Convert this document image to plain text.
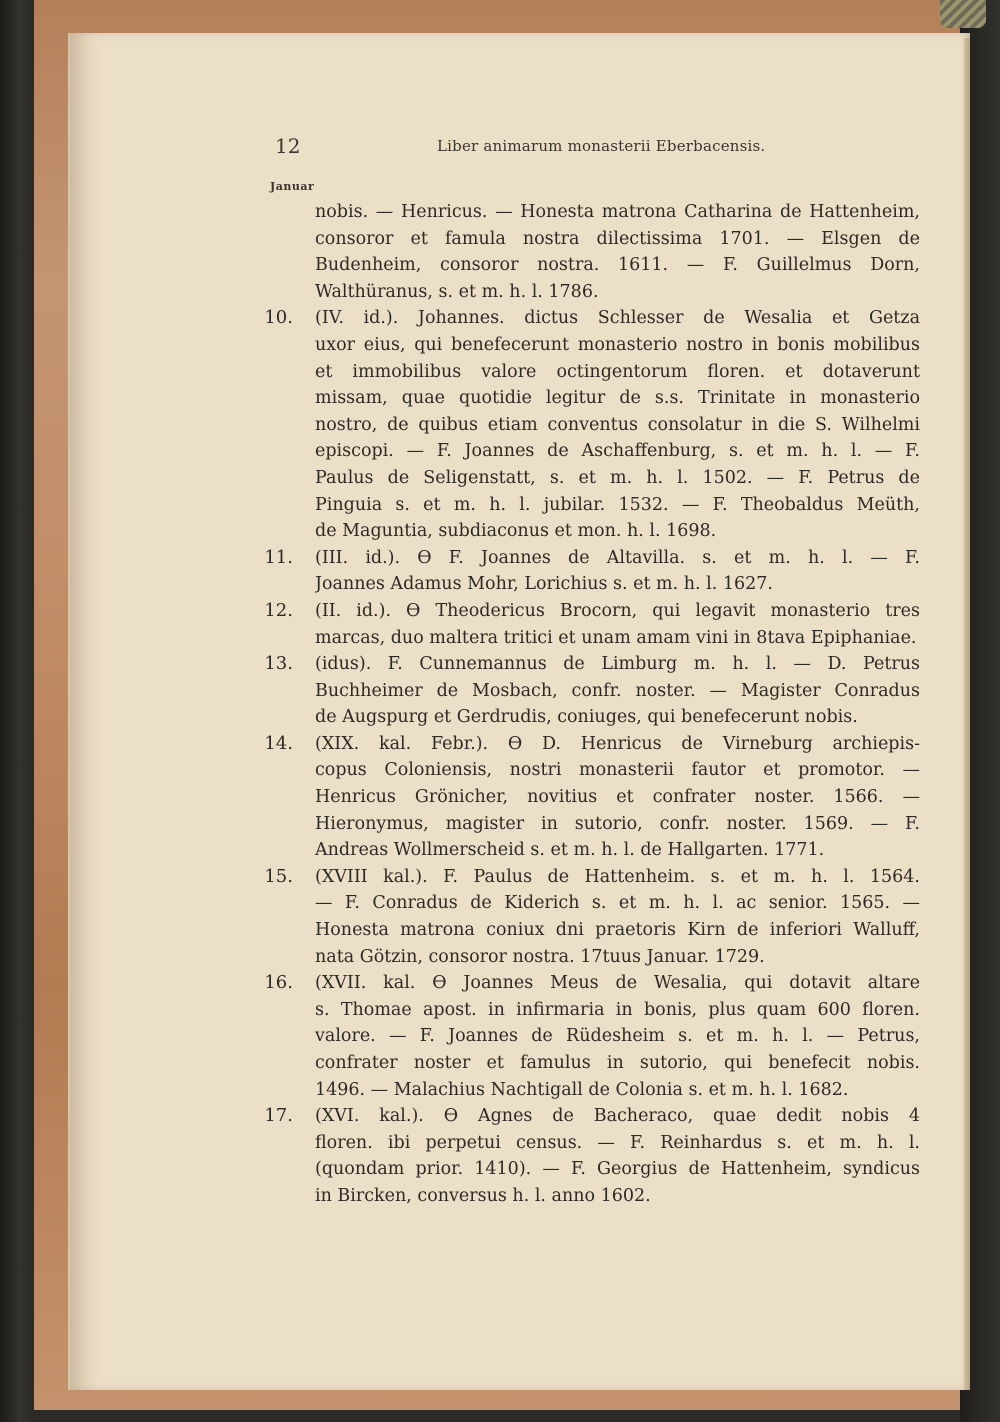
12	Liber animarum monasterii Eberbacensis.
Januar
nobis. — Henricus. — Honesta matrona Catharina de Hattenheim,
consoror et famula nostra dilectissima 1701. — Elsgen de
Budenheim, consoror nostra. 1611. — F. Guillelmus Dorn,
Walthüranus, s. et m. h. l. 1786.
10. (IV. id.). Johannes. dictus Schlesser de Wesalia et Getza
uxor eius, qui benefecerunt monasterio nostro in bonis mobilibus
et immobilibus valore octingentorum floren. et dotaverunt
missam, quae quotidie legitur de s.s. Trinitate in monasterio
nostro, de quibus etiam conventus consolatur in die S. Wilhelmi
episcopi. — F. Joannes de Aschaffenburg, s. et m. h. l. — F.
Paulus de Seligenstatt, s. et m. h. l. 1502. — F. Petrus de
Pinguia s. et m. h. l. jubilar. 1532. — F. Theobaldus Meüth,
de Maguntia, subdiaconus et mon. h. l. 1698.
11. (III. id.). ϴ F. Joannes de Altavilla. s. et m. h. l. — F.
Joannes Adamus Mohr, Lorichius s. et m. h. l. 1627.
12. (II. id.). ϴ Theodericus Brocorn, qui legavit monasterio tres
marcas, duo maltera tritici et unam amam vini in 8tava Epiphaniae.
13. (idus). F. Cunnemannus de Limburg m. h. l. — D. Petrus
Buchheimer de Mosbach, confr. noster. — Magister Conradus
de Augspurg et Gerdrudis, coniuges, qui benefecerunt nobis.
14. (XIX. kal. Febr.). ϴ D. Henricus de Virneburg archiepis-
copus Coloniensis, nostri monasterii fautor et promotor. —
Henricus Grönicher, novitius et confrater noster. 1566. —
Hieronymus, magister in sutorio, confr. noster. 1569. — F.
Andreas Wollmerscheid s. et m. h. l. de Hallgarten. 1771.
15. (XVIII kal.). F. Paulus de Hattenheim. s. et m. h. l. 1564.
— F. Conradus de Kiderich s. et m. h. l. ac senior. 1565. —
Honesta matrona coniux dni praetoris Kirn de inferiori Walluff,
nata Götzin, consoror nostra. 17tuus Januar. 1729.
16. (XVII. kal. ϴ Joannes Meus de Wesalia, qui dotavit altare
s. Thomae apost. in infirmaria in bonis, plus quam 600 floren.
valore. — F. Joannes de Rüdesheim s. et m. h. l. — Petrus,
confrater noster et famulus in sutorio, qui benefecit nobis.
1496. — Malachius Nachtigall de Colonia s. et m. h. l. 1682.
17. (XVI. kal.). ϴ Agnes de Bacheraco, quae dedit nobis 4
floren. ibi perpetui census. — F. Reinhardus s. et m. h. l.
(quondam prior. 1410). — F. Georgius de Hattenheim, syndicus
in Bircken, conversus h. l. anno 1602.
